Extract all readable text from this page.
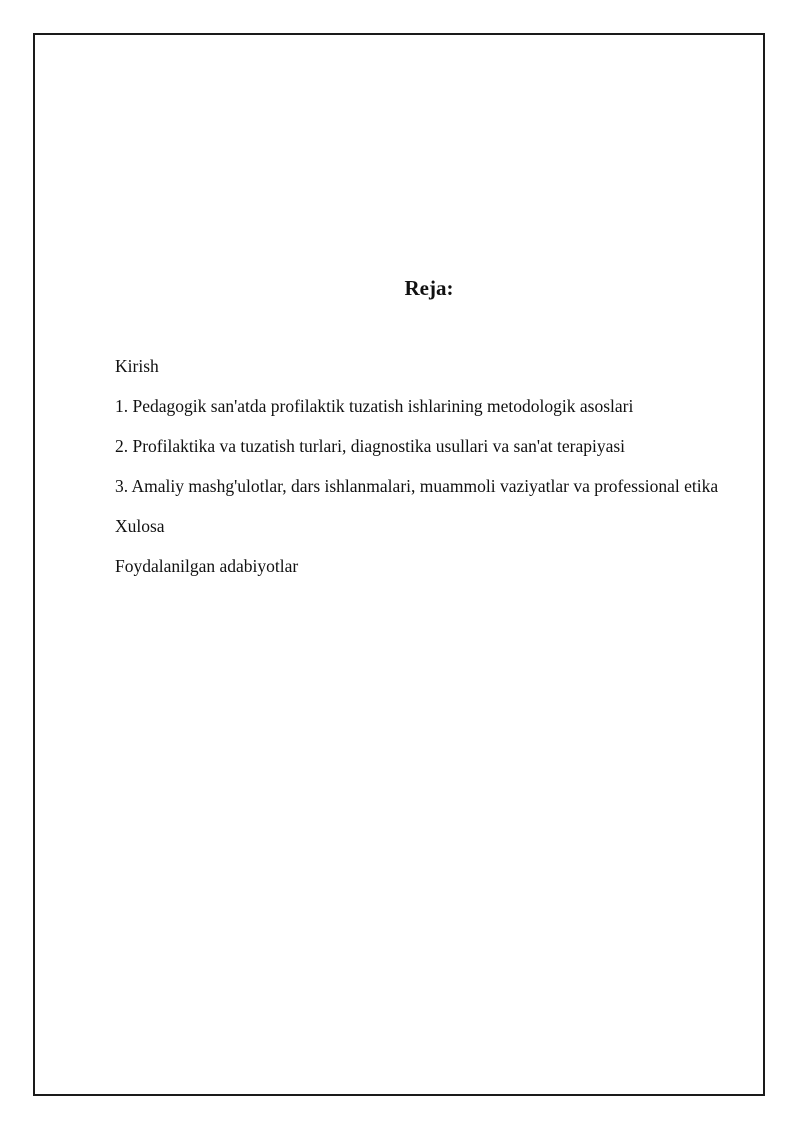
Reja:
Kirish
1. Pedagogik san'atda profilaktik tuzatish ishlarining metodologik asoslari
2. Profilaktika va tuzatish turlari, diagnostika usullari va san'at terapiyasi
3. Amaliy mashg'ulotlar, dars ishlanmalari, muammoli vaziyatlar va professional etika
Xulosa
Foydalanilgan adabiyotlar
